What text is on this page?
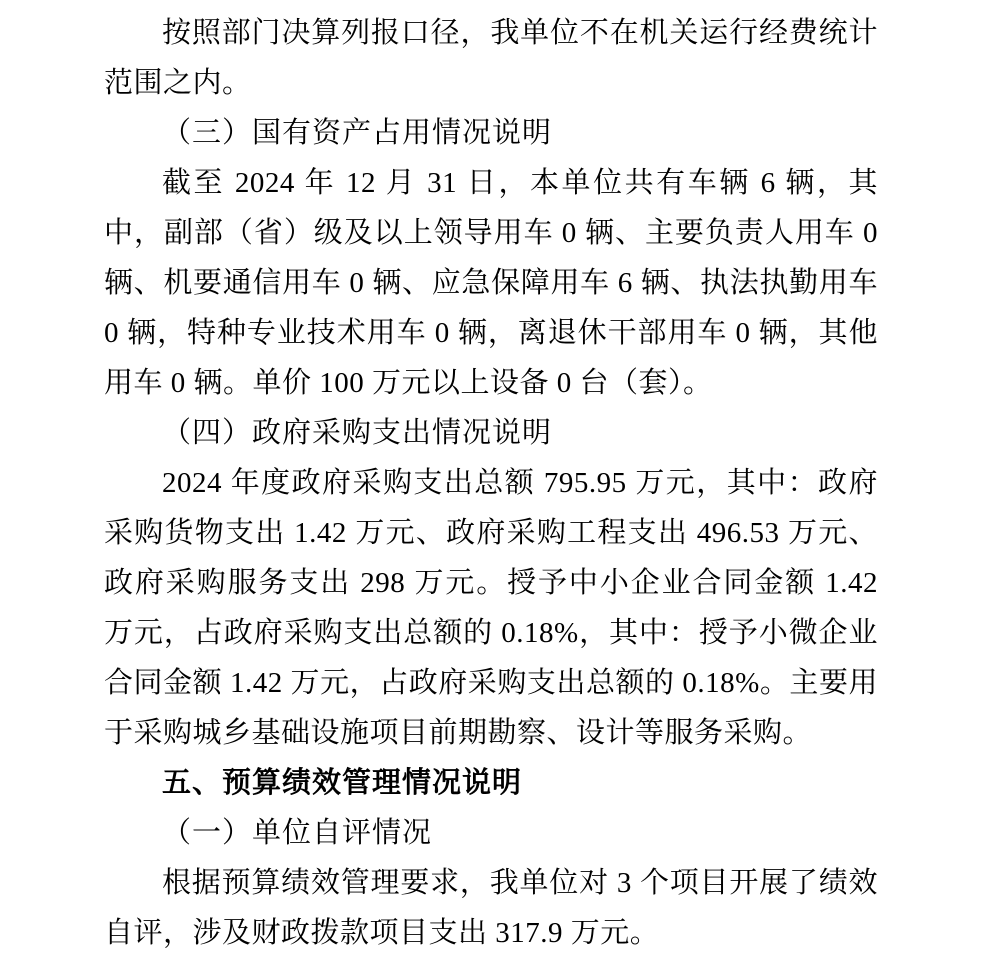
按照部门决算列报口径，我单位不在机关运行经费统计范围之内。

（三）国有资产占用情况说明

截至 2024 年 12 月 31 日，本单位共有车辆 6 辆，其中，副部（省）级及以上领导用车 0 辆、主要负责人用车 0 辆、机要通信用车 0 辆、应急保障用车 6 辆、执法执勤用车 0 辆，特种专业技术用车 0 辆，离退休干部用车 0 辆，其他用车 0 辆。单价 100 万元以上设备 0 台（套）。

（四）政府采购支出情况说明

2024 年度政府采购支出总额 795.95 万元，其中：政府采购货物支出 1.42 万元、政府采购工程支出 496.53 万元、政府采购服务支出 298 万元。授予中小企业合同金额 1.42 万元，占政府采购支出总额的 0.18%，其中：授予小微企业合同金额 1.42 万元，占政府采购支出总额的 0.18%。主要用于采购城乡基础设施项目前期勘察、设计等服务采购。

五、预算绩效管理情况说明
（一）单位自评情况

根据预算绩效管理要求，我单位对 3 个项目开展了绩效自评，涉及财政拨款项目支出 317.9 万元。
